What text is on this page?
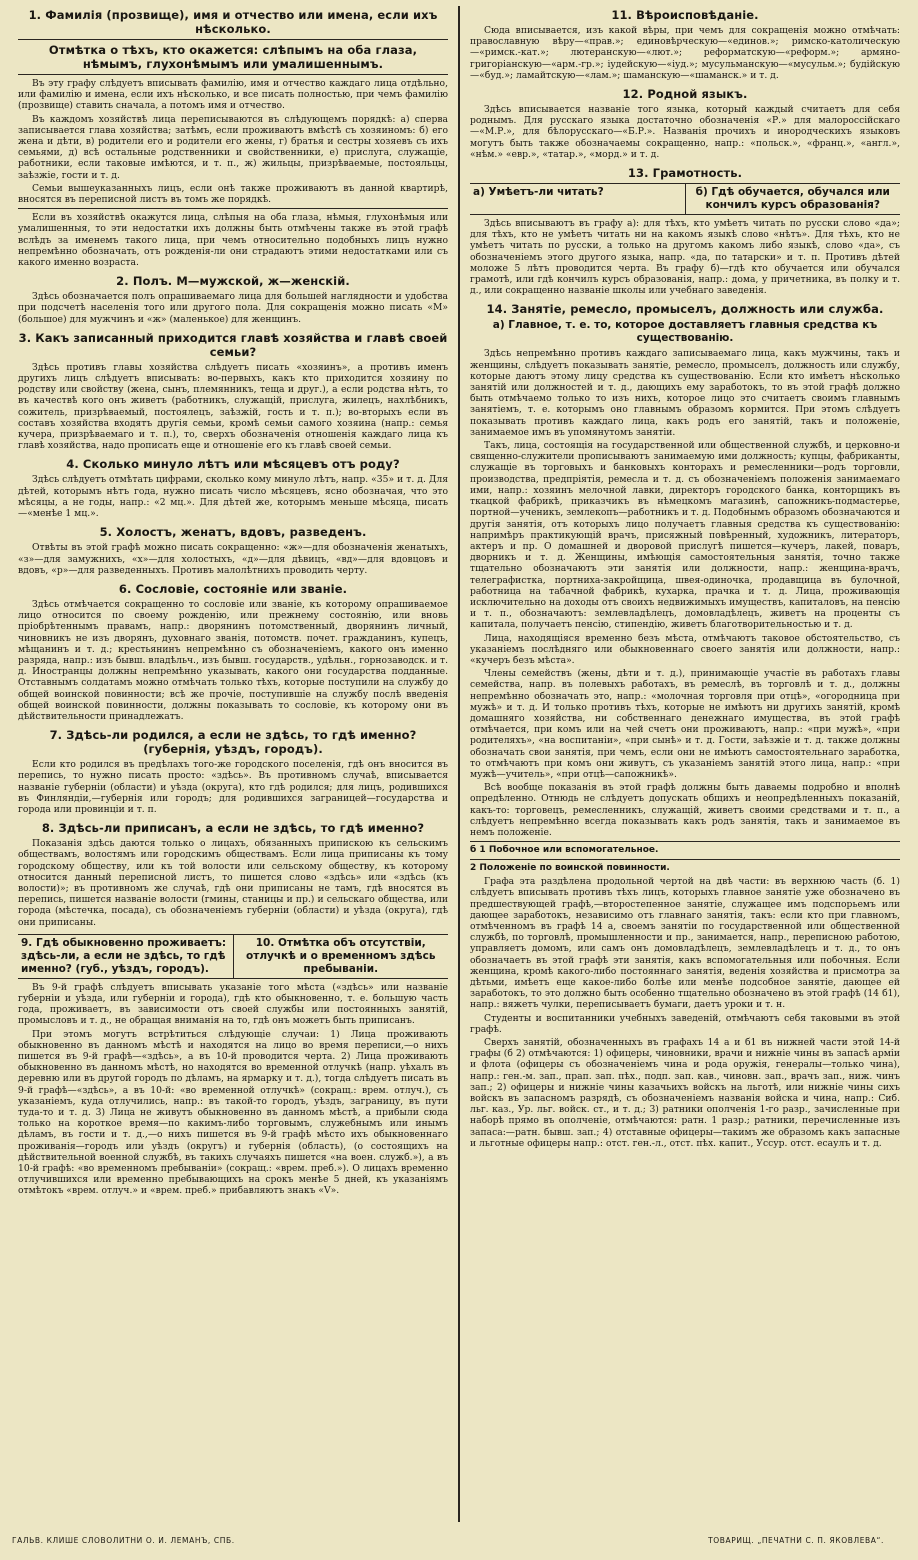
1. Фамилія (прозвище), имя и отчество или имена, если ихъ нѣсколько.
Отмѣтка о тѣхъ, кто окажется: слѣпымъ на оба глаза, нѣмымъ, глухонѣмымъ или умалишеннымъ.

Въ эту графу слѣдуетъ вписывать фамилію, имя и отчество каждаго лица отдѣльно, или фамилію и имена, если ихъ нѣсколько, и все писать полностью, при чемъ фамилію (прозвище) ставить сначала, а потомъ имя и отчество.

Въ каждомъ хозяйствѣ лица переписываются въ слѣдующемъ порядкѣ: а) сперва записывается глава хозяйства; затѣмъ, если проживаютъ вмѣстѣ съ хозяиномъ: б) его жена и дѣти, в) родители его и родители его жены, г) братья и сестры хозяевъ съ ихъ семьями, д) всѣ остальные родственники и свойственники, е) прислуга, служащіе, работники, если таковые имѣются, и т. п., ж) жильцы, призрѣваемые, постояльцы, заѣзжіе, гости и т. д.

Семьи вышеуказанныхъ лицъ, если онѣ также проживаютъ въ данной квартирѣ, вносятся въ переписной листъ въ томъ же порядкѣ.

Если въ хозяйствѣ окажутся лица, слѣпыя на оба глаза, нѣмыя, глухонѣмыя или умалишенныя, то эти недостатки ихъ должны быть отмѣчены также въ этой графѣ вслѣдъ за именемъ такого лица, при чемъ относительно подобныхъ лицъ нужно непремѣнно обозначать, отъ рожденія-ли они страдаютъ этими недостатками или съ какого именно возраста.

2. Полъ. М—мужской, ж—женскій.

Здѣсь обозначается полъ опрашиваемаго лица для большей наглядности и удобства при подсчетѣ населенія того или другого пола. Для сокращенія можно писать «М» (большое) для мужчинъ и «ж» (маленькое) для женщинъ.

3. Какъ записанный приходится главѣ хозяйства и главѣ своей семьи?

Здѣсь противъ главы хозяйства слѣдуетъ писать «хозяинъ», а противъ именъ другихъ лицъ слѣдуетъ вписывать: во-первыхъ, какъ кто приходится хозяину по родству или свойству (жена, сынъ, племянникъ, теща и друг.), а если родства нѣтъ, то въ качествѣ кого онъ живетъ (работникъ, служащій, прислуга, жилецъ, нахлѣбникъ, сожитель, призрѣваемый, постоялецъ, заѣзжій, гость и т. п.); во-вторыхъ если въ составъ хозяйства входятъ другія семьи, кромѣ семьи самого хозяина (напр.: семья кучера, призрѣваемаго и т. п.), то, сверхъ обозначенія отношенія каждаго лица къ главѣ хозяйства, надо прописать еще и отношеніе его къ главѣ своей семьи.

4. Сколько минуло лѣтъ или мѣсяцевъ отъ роду?

Здѣсь слѣдуетъ отмѣтать цифрами, сколько кому минуло лѣтъ, напр. «35» и т. д. Для дѣтей, которымъ нѣтъ года, нужно писать число мѣсяцевъ, ясно обозначая, что это мѣсяцы, а не годы, напр.: «2 мц.». Для дѣтей же, которымъ меньше мѣсяца, писать—«менѣе 1 мц.».

5. Холостъ, женатъ, вдовъ, разведенъ.

Отвѣты въ этой графѣ можно писать сокращенно: «ж»—для обозначенія женатыхъ, «з»—для замужнихъ, «х»—для холостыхъ, «д»—для дѣвицъ, «вд»—для вдовцовъ и вдовъ, «р»—для разведенныхъ. Противъ малолѣтнихъ проводить черту.

6. Сословіе, состояніе или званіе.

Здѣсь отмѣчается сокращенно то сословіе или званіе, къ которому опрашиваемое лицо относится по своему рожденію, или прежнему состоянію, или вновь пріобрѣтеннымъ правамъ, напр.: дворянинъ потомственный, дворянинъ личный, чиновникъ не изъ дворянъ, духовнаго званія, потомств. почет. гражданинъ, купецъ, мѣщанинъ и т. д.; крестьянинъ непремѣнно съ обозначеніемъ, какого онъ именно разряда, напр.: изъ бывш. владѣльч., изъ бывш. государств., удѣльн., горнозаводск. и т. д. Иностранцы должны непремѣнно указывать, какого они государства подданные. Отставнымъ солдатамъ можно отмѣчать только тѣхъ, которые поступили на службу до общей воинской повинности; всѣ же прочіе, поступившіе на службу послѣ введенія общей воинской повинности, должны показывать то сословіе, къ которому они въ дѣйствительности принадлежатъ.

7. Здѣсь-ли родился, а если не здѣсь, то гдѣ именно? (губернія, уѣздъ, городъ).

Если кто родился въ предѣлахъ того-же городского поселенія, гдѣ онъ вносится въ перепись, то нужно писать просто: «здѣсь». Въ противномъ случаѣ, вписывается названіе губерніи (области) и уѣзда (округа), кто гдѣ родился; для лицъ, родившихся въ Финляндіи,—губернія или городъ; для родившихся заграницей—государства и города или провинціи и т. п.

8. Здѣсь-ли приписанъ, а если не здѣсь, то гдѣ именно?

Показанія здѣсь даются только о лицахъ, обязанныхъ припискою къ сельскимъ обществамъ, волостямъ или городскимъ обществамъ. Если лица приписаны къ тому городскому обществу, или къ той волости или сельскому обществу, къ которому относится данный переписной листъ, то пишется слово «здѣсь» или «здѣсь (къ волости)»; въ противномъ же случаѣ, гдѣ они приписаны не тамъ, гдѣ вносятся въ перепись, пишется названіе волости (гмины, станицы и пр.) и сельскаго общества, или города (мѣстечка, посада), съ обозначеніемъ губерніи (области) и уѣзда (округа), гдѣ они приписаны.

9. Гдѣ обыкновенно проживаетъ: здѣсь-ли, а если не здѣсь, то гдѣ именно? (губ., уѣздъ, городъ).
10. Отмѣтка объ отсутствіи, отлучкѣ и о временномъ здѣсь пребываніи.

Въ 9-й графѣ слѣдуетъ вписывать указаніе того мѣста («здѣсь» или названіе губерніи и уѣзда, или губерніи и города), гдѣ кто обыкновенно, т. е. большую часть года, проживаетъ, въ зависимости отъ своей службы или постоянныхъ занятій, промысловъ и т. д., не обращая вниманія на то, гдѣ онъ можетъ быть приписанъ.

При этомъ могутъ встрѣтиться слѣдующіе случаи: 1) Лица проживають обыкновенно въ данномъ мѣстѣ и находятся на лицо во время переписи,—о нихъ пишется въ 9-й графѣ—«здѣсь», а въ 10-й проводится черта. 2) Лица проживають обыкновенно въ данномъ мѣстѣ, но находятся во временной отлучкѣ (напр. уѣхалъ въ деревню или въ другой городъ по дѣламъ, на ярмарку и т. д.), тогда слѣдуетъ писать въ 9-й графѣ—«здѣсь», а въ 10-й: «во временной отлучкѣ» (сокращ.: врем. отлуч.), съ указаніемъ, куда отлучились, напр.: въ такой-то городъ, уѣздъ, заграницу, въ пути туда-то и т. д. 3) Лица не живутъ обыкновенно въ данномъ мѣстѣ, а прибыли сюда только на короткое время—по какимъ-либо торговымъ, служебнымъ или инымъ дѣламъ, въ гости и т. д.,—о нихъ пишется въ 9-й графѣ мѣсто ихъ обыкновеннаго проживанія—городъ или уѣздъ (округъ) и губернія (область), (о состоящихъ на дѣйствительной военной службѣ, въ такихъ случаяхъ пишется «на воен. служб.»), а въ 10-й графѣ: «во временномъ пребываніи» (сокращ.: «врем. преб.»). О лицахъ временно отлучившихся или временно пребывающихъ на срокъ менѣе 5 дней, къ указаніямъ отмѣтокъ «врем. отлуч.» и «врем. преб.» прибавляютъ знакъ «V».

11. Вѣроисповѣданіе.

Сюда вписывается, изъ какой вѣры, при чемъ для сокращенія можно отмѣчать: православную вѣру—«прав.»; единовѣрческую—«единов.»; римско-католическую—«римск.-кат.»; лютеранскую—«лют.»; реформатскую—«реформ.»; армяно-григоріанскую—«арм.-гр.»; іудейскую—«іуд.»; мусульманскую—«мусульм.»; будійскую—«буд.»; ламайтскую—«лам.»; шаманскую—«шаманск.» и т. д.

12. Родной языкъ.

Здѣсь вписывается названіе того языка, который каждый считаетъ для себя роднымъ. Для русскаго языка достаточно обозначенія «Р.» для малороссійскаго—«М.Р.», для бѣлорусскаго—«Б.Р.». Названія прочихъ и инородческихъ языковъ могутъ быть также обозначаемы сокращенно, напр.: «польск.», «франц.», «англ.», «нѣм.» «евр.», «татар.», «морд.» и т. д.

13. Грамотность.
а) Умѣетъ-ли читать?	б) Гдѣ обучается, обучался или кончилъ курсъ образованія?

Здѣсь вписываютъ въ графу а): для тѣхъ, кто умѣетъ читать по русски слово «да»; для тѣхъ, кто не умѣетъ читать ни на какомъ языкѣ слово «нѣтъ». Для тѣхъ, кто не умѣетъ читать по русски, а только на другомъ какомъ либо языкѣ, слово «да», съ обозначеніемъ этого другого языка, напр. «да, по татарски» и т. п. Противъ дѣтей моложе 5 лѣтъ проводится черта. Въ графу б)—гдѣ кто обучается или обучался грамотѣ, или гдѣ кончилъ курсъ образованія, напр.: дома, у причетника, въ полку и т. д., или сокращенно названіе школы или учебнаго заведенія.

14. Занятіе, ремесло, промыселъ, должность или служба.
а) Главное, т. е. то, которое доставляетъ главныя средства къ существованію.

Здѣсь непремѣнно противъ каждаго записываемаго лица, какъ мужчины, такъ и женщины, слѣдуетъ показывать занятіе, ремесло, промыселъ, должность или службу, которые даютъ этому лицу средства къ существованію. Если кто имѣетъ нѣсколько занятій или должностей и т. д., дающихъ ему заработокъ, то въ этой графѣ должно быть отмѣчаемо только то изъ нихъ, которое лицо это считаетъ своимъ главнымъ занятіемъ, т. е. которымъ оно главнымъ образомъ кормится. При этомъ слѣдуетъ показывать противъ каждаго лица, какъ родъ его занятій, такъ и положеніе, занимаемое имъ въ упомянутомъ занятіи.

Такъ, лица, состоящія на государственной или общественной службѣ, и церковно-и священно-служители прописываютъ занимаемую ими должность; купцы, фабриканты, служащіе въ торговыхъ и банковыхъ конторахъ и ремесленники—родъ торговли, производства, предпріятія, ремесла и т. д. съ обозначеніемъ положенія занимаемаго ими, напр.: хозяинъ мелочной лавки, директоръ городского банка, конторщикъ въ ткацкой фабрикѣ, приказчикъ въ нѣмецкомъ магазинѣ, сапожникъ-подмастерье, портной—ученикъ, землекопъ—работникъ и т. д. Подобнымъ образомъ обозначаются и другія занятія, отъ которыхъ лицо получаетъ главныя средства къ существованію: напримѣръ практикующій врачъ, присяжный повѣренный, художникъ, литераторъ, актеръ и пр. О домашней и дворовой прислугѣ пишется—кучеръ, лакей, поваръ, дворникъ и т. д. Женщины, имѣющія самостоятельныя занятія, точно также тщательно обозначаютъ эти занятія или должности, напр.: женщина-врачъ, телеграфистка, портниха-закройщица, швея-одиночка, продавщица въ булочной, работница на табачной фабрикѣ, кухарка, прачка и т. д. Лица, проживающія исключительно на доходы отъ своихъ недвижимыхъ имуществъ, капиталовъ, на пенсію и т. п., обозначаютъ: землевладѣлецъ, домовладѣлецъ, живетъ на проценты съ капитала, получаетъ пенсію, стипендію, живетъ благотворительностью и т. д.

Лица, находящіяся временно безъ мѣста, отмѣчаютъ таковое обстоятельство, съ указаніемъ послѣдняго или обыкновеннаго своего занятія или должности, напр.: «кучеръ безъ мѣста».

Члены семействъ (жены, дѣти и т. д.), принимающіе участіе въ работахъ главы семейства, напр. въ полевыхъ работахъ, въ ремеслѣ, въ торговлѣ и т. д., должны непремѣнно обозначать это, напр.: «молочная торговля при отцѣ», «огородница при мужѣ» и т. д. И только противъ тѣхъ, которые не имѣютъ ни другихъ занятій, кромѣ домашняго хозяйства, ни собственнаго денежнаго имущества, въ этой графѣ отмѣчается, при комъ или на чей счетъ они проживаютъ, напр.: «при мужѣ», «при родителяхъ», «на воспитаніи», «при сынѣ» и т. д. Гости, заѣзжіе и т. д. также должны обозначать свои занятія, при чемъ, если они не имѣютъ самостоятельнаго заработка, то отмѣчаютъ при комъ они живутъ, съ указаніемъ занятій этого лица, напр.: «при мужѣ—учитель», «при отцѣ—сапожникѣ».

Всѣ вообще показанія въ этой графѣ должны быть даваемы подробно и вполнѣ опредѣленно. Отнюдь не слѣдуетъ допускать общихъ и неопредѣленныхъ показаній, какъ-то: торговецъ, ремесленникъ, служащій, живетъ своими средствами и т. п., а слѣдуетъ непремѣнно всегда показывать какъ родъ занятія, такъ и занимаемое въ немъ положеніе.

б 1 Побочное или вспомогательное.
2 Положеніе по воинской повинности.

Графа эта раздѣлена продольной чертой на двѣ части: въ верхнюю часть (б. 1) слѣдуетъ вписывать противъ тѣхъ лицъ, которыхъ главное занятіе уже обозначено въ предшествующей графѣ,—второстепенное занятіе, служащее имъ подспорьемъ или дающее заработокъ, независимо отъ главнаго занятія, такъ: если кто при главномъ, отмѣченномъ въ графѣ 14 а, своемъ занятіи по государственной или общественной службѣ, по торговлѣ, промышленности и пр., занимается, напр., переписною работою, управляетъ домомъ, или самъ онъ домовладѣлецъ, землевладѣлецъ и т. д., то онъ обозначаетъ въ этой графѣ эти занятія, какъ вспомогательныя или побочныя. Если женщина, кромѣ какого-либо постояннаго занятія, веденія хозяйства и присмотра за дѣтьми, имѣетъ еще какое-либо болѣе или менѣе подсобное занятіе, дающее ей заработокъ, то это должно быть особенно тщательно обозначено въ этой графѣ (14 б1), напр.: вяжетъ чулки, переписываетъ бумаги, даетъ уроки и т. н.

Студенты и воспитанники учебныхъ заведеній, отмѣчаютъ себя таковыми въ этой графѣ.

Сверхъ занятій, обозначенныхъ въ графахъ 14 а и б1 въ нижней части этой 14-й графы (б 2) отмѣчаются: 1) офицеры, чиновники, врачи и нижніе чины въ запасѣ арміи и флота (офицеры съ обозначеніемъ чина и рода оружія, генералы—только чина), напр.: ген.-м. зап., прап. зап. пѣх., подп. зап. кав., чиновн. зап., врачъ зап., ниж. чинъ зап.; 2) офицеры и нижніе чины казачьихъ войскъ на льготѣ, или нижніе чины сихъ войскъ въ запасномъ разрядѣ, съ обозначеніемъ названія войска и чина, напр.: Сиб. льг. каз., Ур. льг. войск. ст., и т. д.; 3) ратники ополченія 1-го разр., зачисленные при наборѣ прямо въ ополченіе, отмѣчаются: ратн. 1 разр.; ратники, перечисленные изъ запаса:—ратн. бывш. зап.; 4) отставные офицеры—такимъ же образомъ какъ запасные и льготные офицеры напр.: отст. ген.-л., отст. пѣх. капит., Уссур. отст. есаулъ и т. д.

ГАЛЬВ. КЛИШЕ СЛОВОЛИТНИ О. И. ЛЕМАНЪ, СПБ.	ТОВАРИЩ. „ПЕЧАТНИ С. П. ЯКОВЛЕВА“.
